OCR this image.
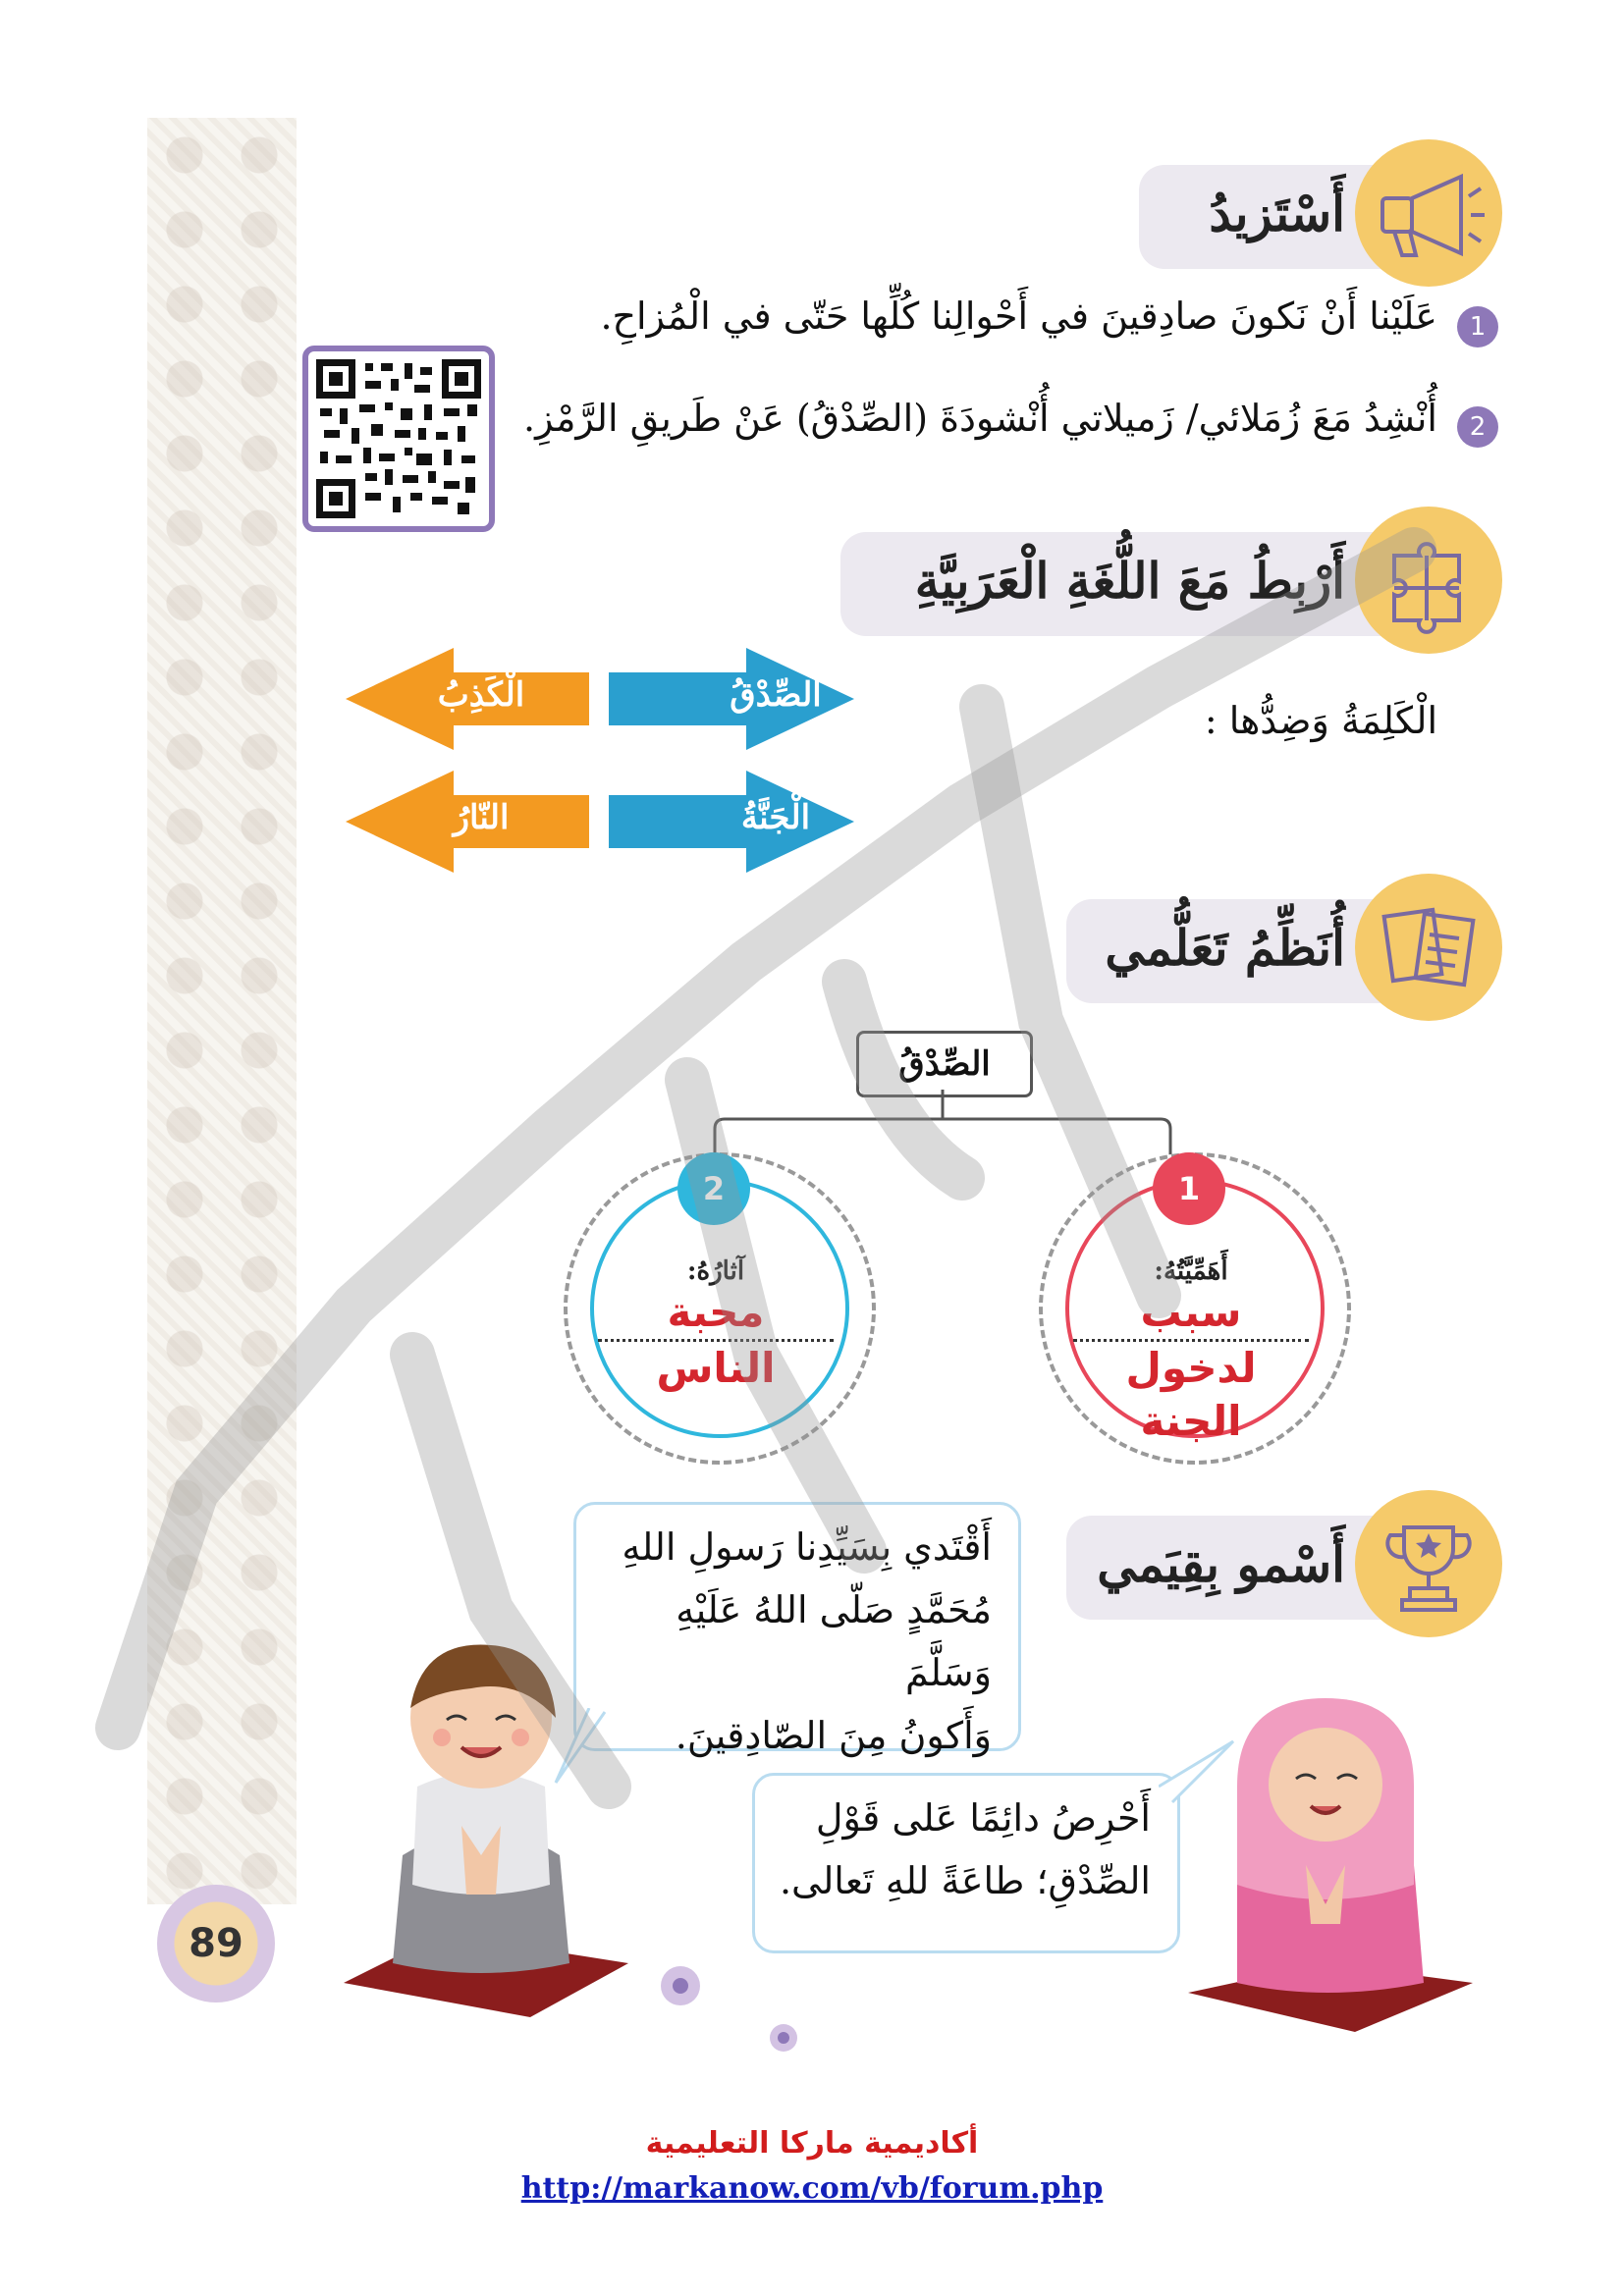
أَسْتَزيدُ
1
عَلَيْنا أَنْ نَكونَ صادِقينَ في أَحْوالِنا كُلِّها حَتّى في الْمُزاحِ.
2
أُنْشِدُ مَعَ زُمَلائي/ زَميلاتي أُنْشودَةَ (الصِّدْقُ) عَنْ طَريقِ الرَّمْزِ.
أَرْبِطُ مَعَ اللُّغَةِ الْعَرَبِيَّةِ
الْكَلِمَةُ وَضِدُّها :
الصِّدْقُ
الْكَذِبُ
الْجَنَّةُ
النّارُ
أُنَظِّمُ تَعَلُّمي
الصِّدْقُ
1
أَهَمِّيَّتُهُ:
سبب
لدخول
الجنة
2
آثارُهُ:
محبة
الناس
أَسْمو بِقِيَمي
أَقْتَدي بِسَيِّدِنا رَسولِ اللهِ
مُحَمَّدٍ صَلّى اللهُ عَلَيْهِ وَسَلَّمَ
وَأَكونُ مِنَ الصّادِقينَ.
أَحْرِصُ دائِمًا عَلى قَوْلِ
الصِّدْقِ؛ طاعَةً للهِ تَعالى.
89
أكاديمية ماركا التعليمية
http://markanow.com/vb/forum.php
